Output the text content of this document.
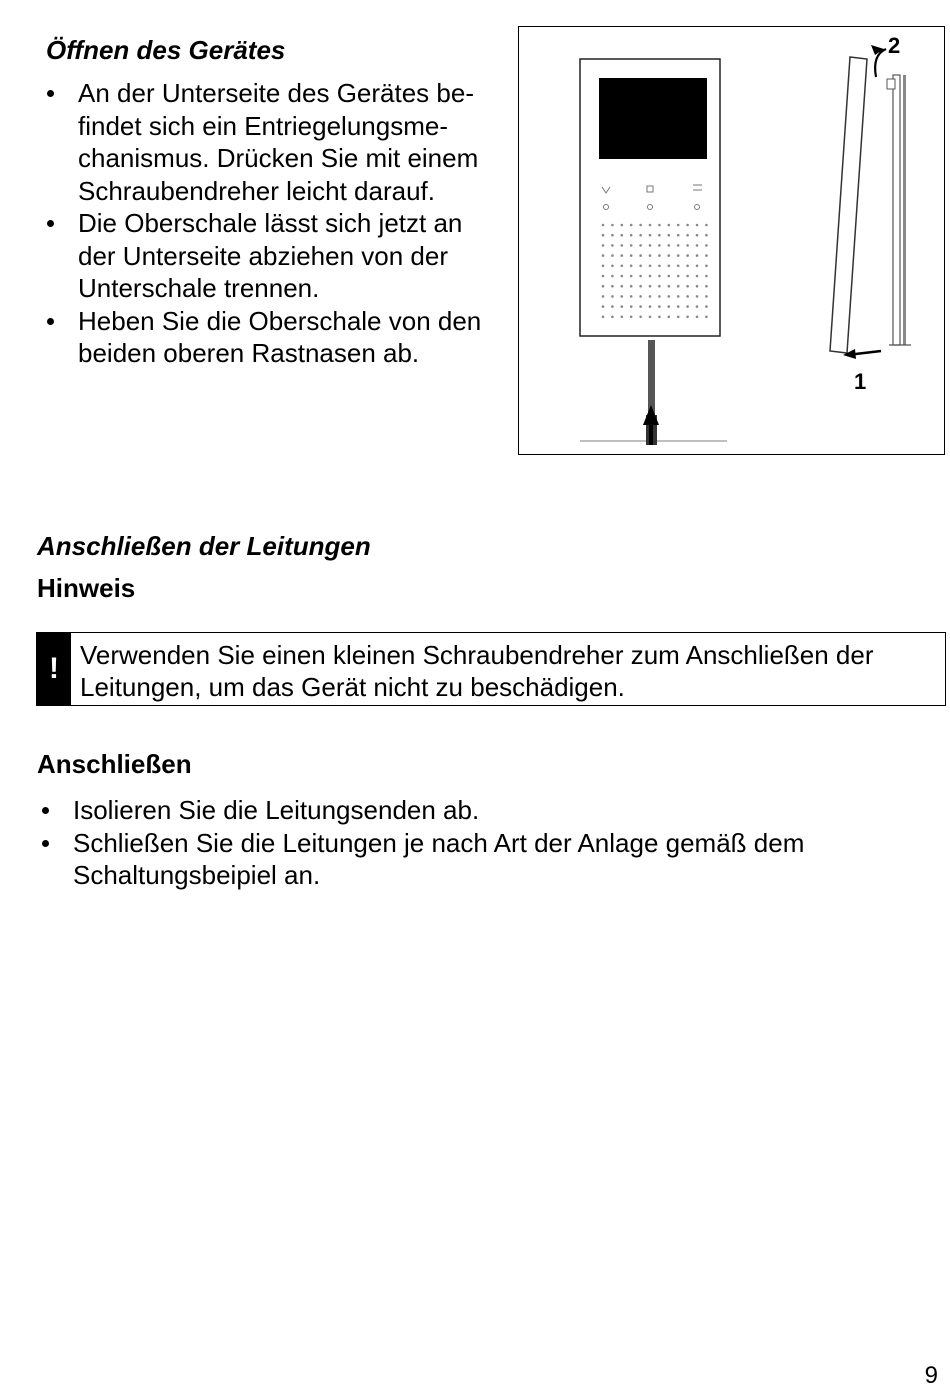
Öffnen des Gerätes
An der Unterseite des Gerätes be-
findet sich ein Entriegelungsme-
chanismus. Drücken Sie mit einem
Schraubendreher leicht darauf.
Die Oberschale lässt sich jetzt an
der Unterseite abziehen von der
Unterschale trennen.
Heben Sie die Oberschale von den
beiden oberen Rastnasen ab.
2
1
Anschließen der Leitungen
Hinweis
! Verwenden Sie einen kleinen Schraubendreher zum Anschließen der
Leitungen, um das Gerät nicht zu beschädigen.
Anschließen
Isolieren Sie die Leitungsenden ab.
Schließen Sie die Leitungen je nach Art der Anlage gemäß dem
Schaltungsbeipiel an.
9
